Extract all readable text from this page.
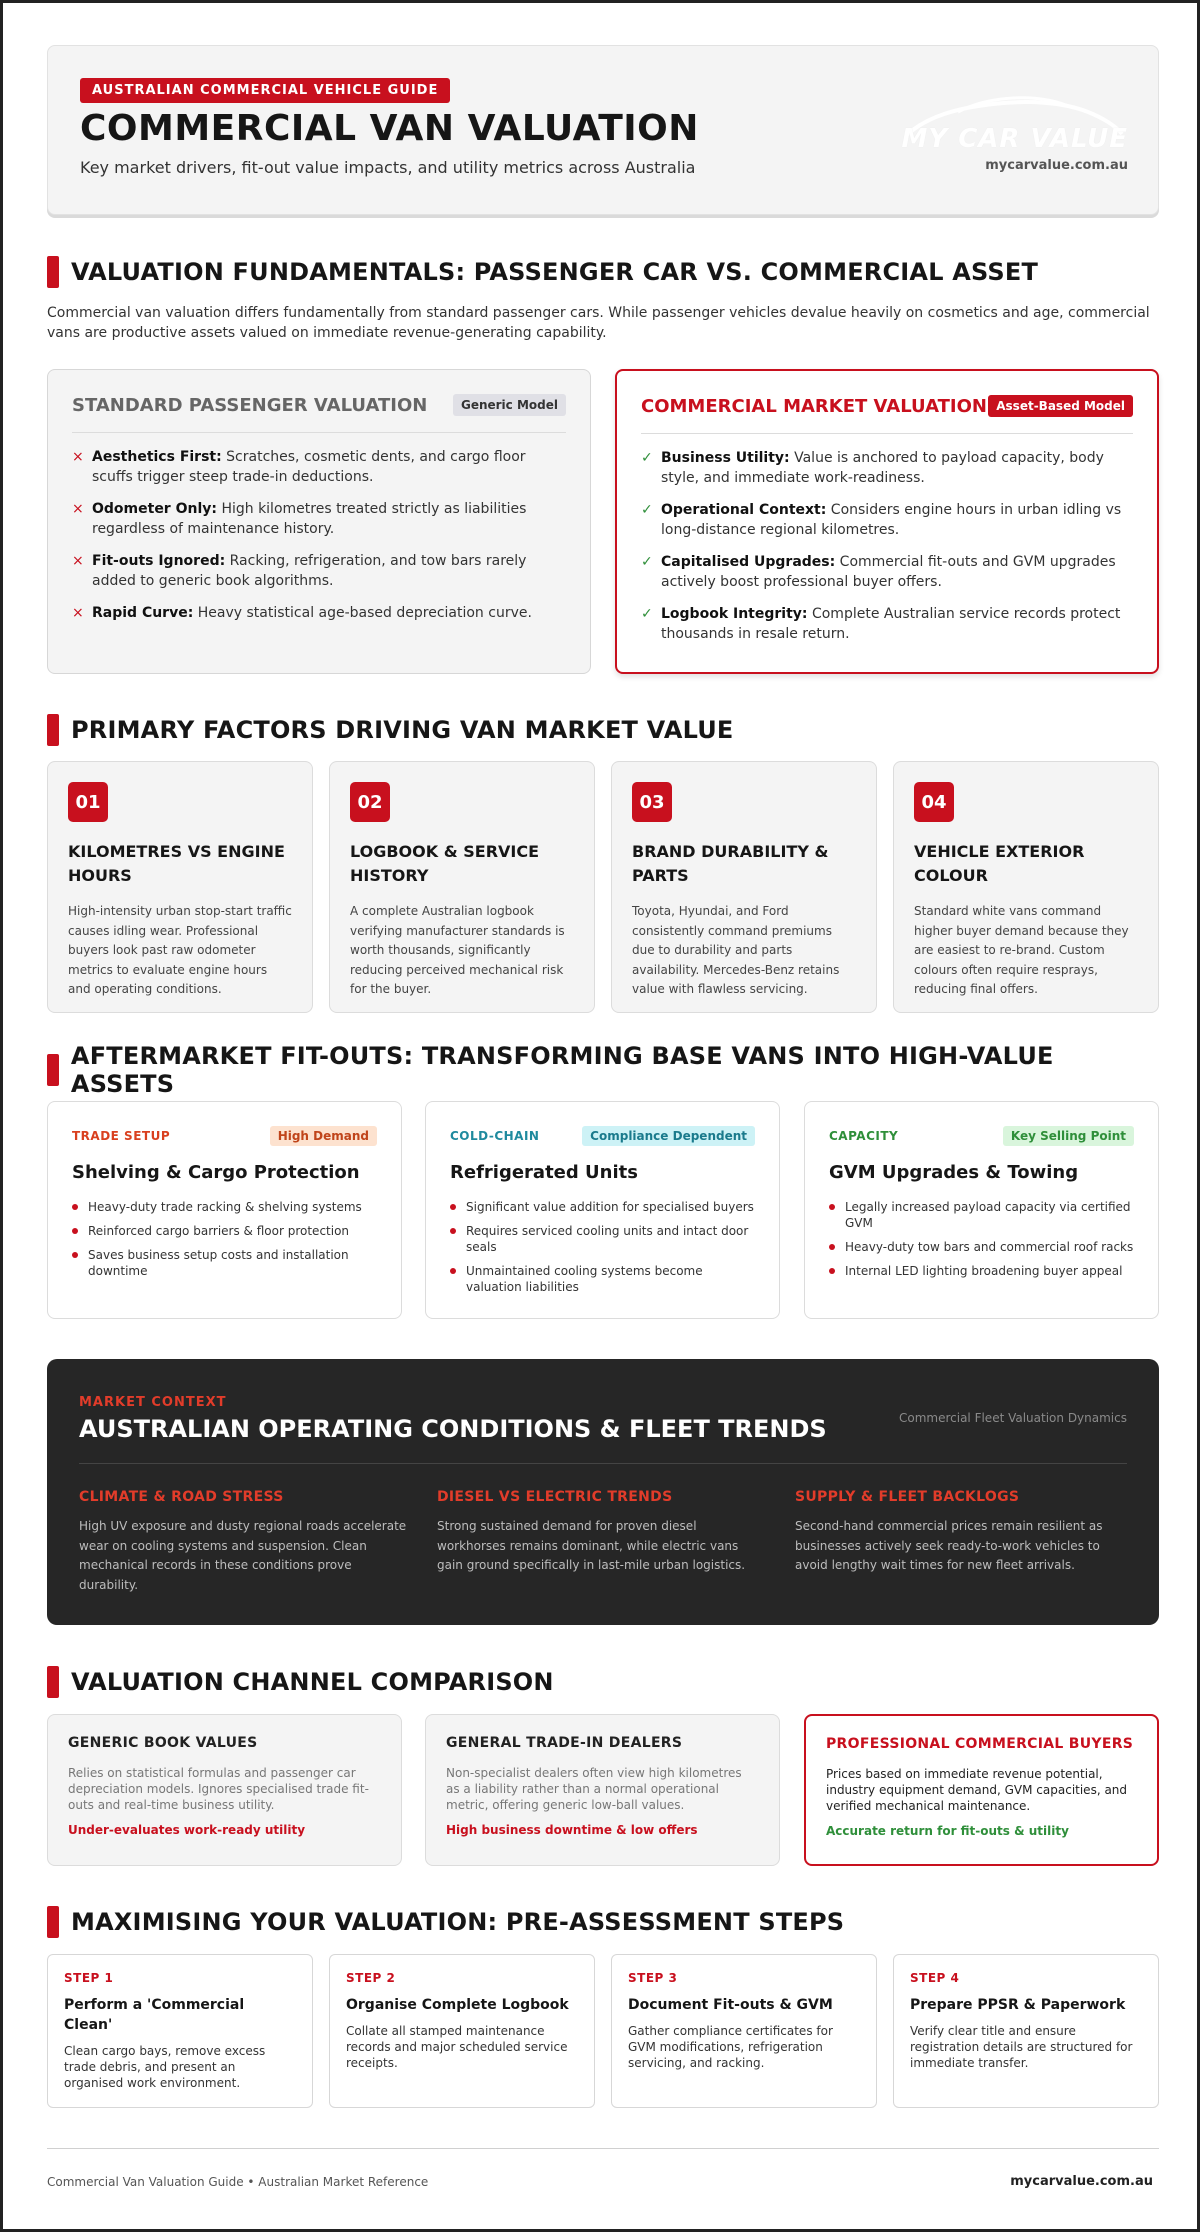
AUSTRALIAN COMMERCIAL VEHICLE GUIDE
COMMERCIAL VAN VALUATION
Key market drivers, fit-out value impacts, and utility metrics across Australia
MY CAR VALUE
mycarvalue.com.au
VALUATION FUNDAMENTALS: PASSENGER CAR VS. COMMERCIAL ASSET
Commercial van valuation differs fundamentally from standard passenger cars. While passenger vehicles devalue heavily on cosmetics and age, commercial vans are productive assets valued on immediate revenue-generating capability.
STANDARD PASSENGER VALUATION	Generic Model
× Aesthetics First: Scratches, cosmetic dents, and cargo floor scuffs trigger steep trade-in deductions.
× Odometer Only: High kilometres treated strictly as liabilities regardless of maintenance history.
× Fit-outs Ignored: Racking, refrigeration, and tow bars rarely added to generic book algorithms.
× Rapid Curve: Heavy statistical age-based depreciation curve.
COMMERCIAL MARKET VALUATION Asset-Based Model
✓ Business Utility: Value is anchored to payload capacity, body style, and immediate work-readiness.
✓ Operational Context: Considers engine hours in urban idling vs long-distance regional kilometres.
✓ Capitalised Upgrades: Commercial fit-outs and GVM upgrades actively boost professional buyer offers.
✓ Logbook Integrity: Complete Australian service records protect thousands in resale return.
PRIMARY FACTORS DRIVING VAN MARKET VALUE
01
KILOMETRES VS ENGINE HOURS

High-intensity urban stop-start traffic causes idling wear. Professional buyers look past raw odometer metrics to evaluate engine hours and operating conditions.

02
LOGBOOK & SERVICE HISTORY

A complete Australian logbook verifying manufacturer standards is worth thousands, significantly reducing perceived mechanical risk for the buyer.

03
BRAND DURABILITY & PARTS

Toyota, Hyundai, and Ford consistently command premiums due to durability and parts availability. Mercedes-Benz retains value with flawless servicing.

04
VEHICLE EXTERIOR COLOUR

Standard white vans command higher buyer demand because they are easiest to re-brand. Custom colours often require resprays, reducing final offers.

AFTERMARKET FIT-OUTS: TRANSFORMING BASE VANS INTO HIGH-VALUE ASSETS
TRADE SETUP	High Demand
Shelving & Cargo Protection
Heavy-duty trade racking & shelving systems
Reinforced cargo barriers & floor protection
Saves business setup costs and installation downtime
COLD-CHAIN	Compliance Dependent
Refrigerated Units
Significant value addition for specialised buyers
Requires serviced cooling units and intact door seals
Unmaintained cooling systems become valuation liabilities
CAPACITY	Key Selling Point
GVM Upgrades & Towing
Legally increased payload capacity via certified GVM
Heavy-duty tow bars and commercial roof racks
Internal LED lighting broadening buyer appeal
MARKET CONTEXT
AUSTRALIAN OPERATING CONDITIONS & FLEET TRENDS	Commercial Fleet Valuation Dynamics
CLIMATE & ROAD STRESS

High UV exposure and dusty regional roads accelerate wear on cooling systems and suspension. Clean mechanical records in these conditions prove durability.

DIESEL VS ELECTRIC TRENDS

Strong sustained demand for proven diesel workhorses remains dominant, while electric vans gain ground specifically in last-mile urban logistics.

SUPPLY & FLEET BACKLOGS

Second-hand commercial prices remain resilient as businesses actively seek ready-to-work vehicles to avoid lengthy wait times for new fleet arrivals.

VALUATION CHANNEL COMPARISON
GENERIC BOOK VALUES

Relies on statistical formulas and passenger car depreciation models. Ignores specialised trade fit-outs and real-time business utility.

Under-evaluates work-ready utility
GENERAL TRADE-IN DEALERS

Non-specialist dealers often view high kilometres as a liability rather than a normal operational metric, offering generic low-ball values.

High business downtime & low offers
PROFESSIONAL COMMERCIAL BUYERS

Prices based on immediate revenue potential, industry equipment demand, GVM capacities, and verified mechanical maintenance.

Accurate return for fit-outs & utility
MAXIMISING YOUR VALUATION: PRE-ASSESSMENT STEPS
STEP 1
Perform a 'Commercial Clean'

Clean cargo bays, remove excess trade debris, and present an organised work environment.

STEP 2
Organise Complete Logbook

Collate all stamped maintenance records and major scheduled service receipts.

STEP 3
Document Fit-outs & GVM

Gather compliance certificates for GVM modifications, refrigeration servicing, and racking.

STEP 4
Prepare PPSR & Paperwork

Verify clear title and ensure registration details are structured for immediate transfer.

Commercial Van Valuation Guide • Australian Market Reference	mycarvalue.com.au
